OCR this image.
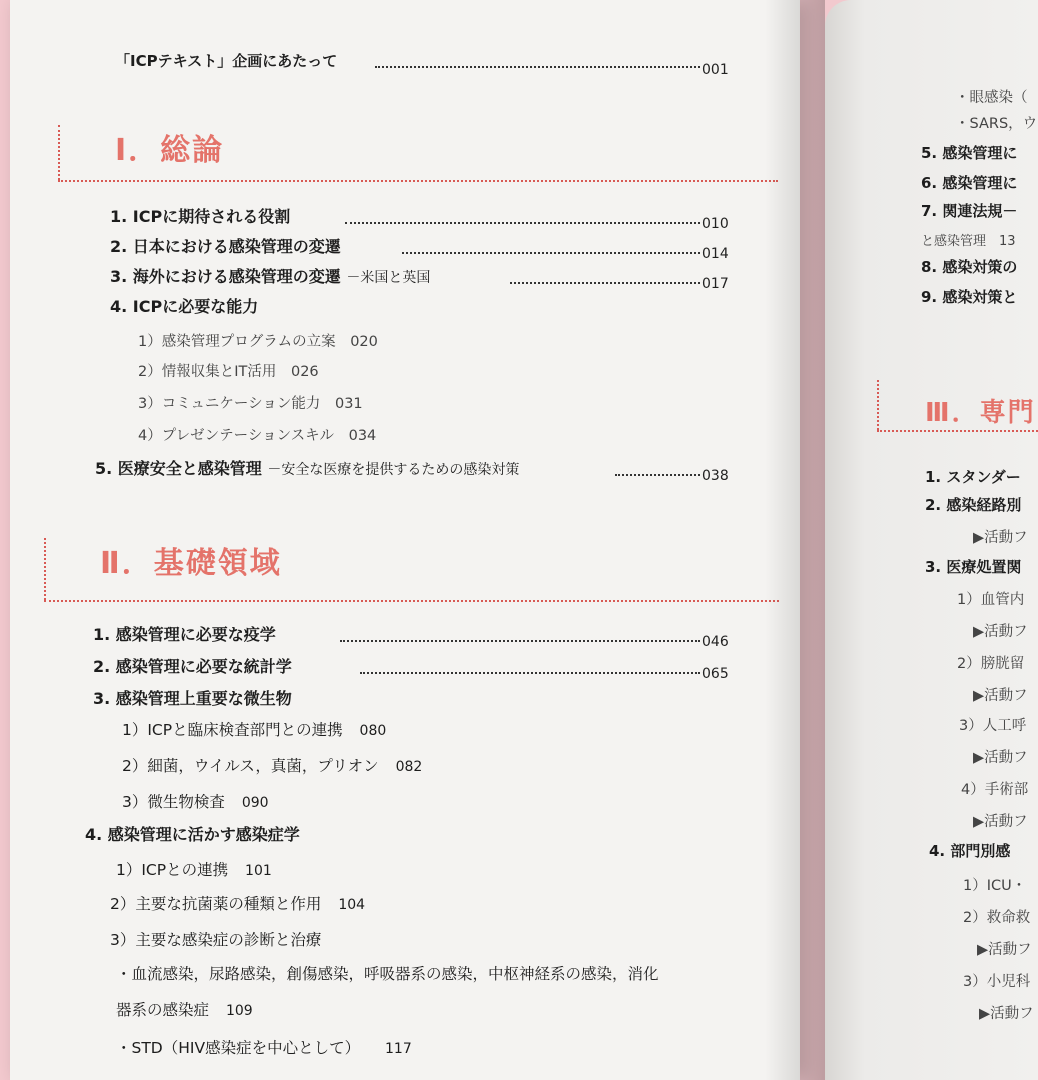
「ICPテキスト」企画にあたって	001
Ⅰ．総論
1. ICPに期待される役割	010
2. 日本における感染管理の変遷	014
3. 海外における感染管理の変遷 －米国と英国	017
4. ICPに必要な能力
1）感染管理プログラムの立案 020
2）情報収集とIT活用 026
3）コミュニケーション能力 031
4）プレゼンテーションスキル 034
5. 医療安全と感染管理 －安全な医療を提供するための感染対策	038
Ⅱ．基礎領域
1. 感染管理に必要な疫学	046
2. 感染管理に必要な統計学	065
3. 感染管理上重要な微生物
1）ICPと臨床検査部門との連携 080
2）細菌，ウイルス，真菌，プリオン 082
3）微生物検査 090
4. 感染管理に活かす感染症学
1）ICPとの連携 101
2）主要な抗菌薬の種類と作用 104
3）主要な感染症の診断と治療
・血流感染，尿路感染，創傷感染，呼吸器系の感染，中枢神経系の感染，消化
器系の感染症 109
・STD（HIV感染症を中心として） 117
・眼感染（
・SARS，ウ
5. 感染管理に
6. 感染管理に
7. 関連法規－
と感染管理　13
8. 感染対策の
9. 感染対策と
Ⅲ．専門
1. スタンダー
2. 感染経路別
▶活動フ
3. 医療処置関
1）血管内
▶活動フ
2）膀胱留
▶活動フ
3）人工呼
▶活動フ
4）手術部
▶活動フ
4. 部門別感
1）ICU・
2）救命救
▶活動フ
3）小児科
▶活動フ
